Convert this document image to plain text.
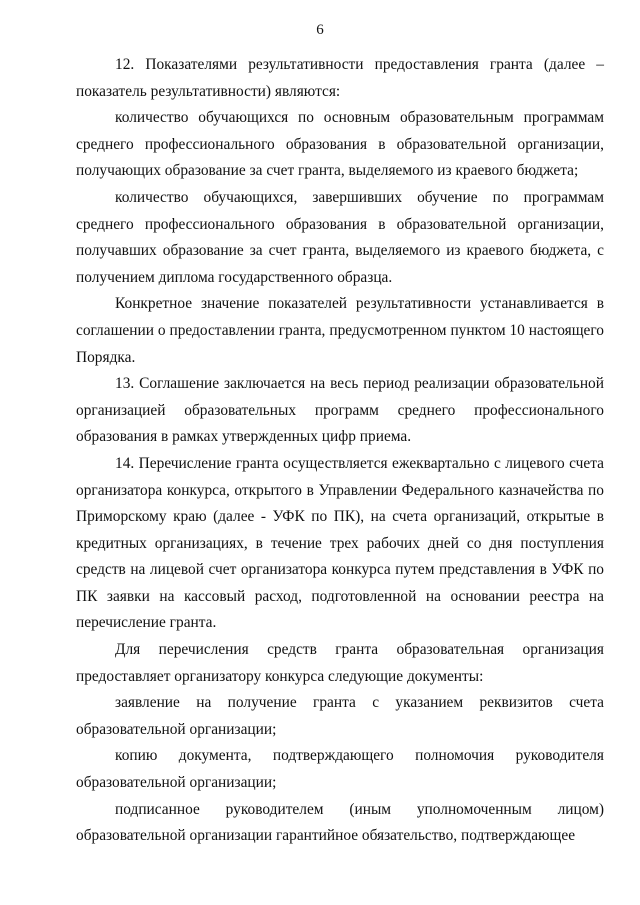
6

12. Показателями результативности предоставления гранта (далее – показатель результативности) являются:

количество обучающихся по основным образовательным программам среднего профессионального образования в образовательной организации, получающих образование за счет гранта, выделяемого из краевого бюджета;

количество обучающихся, завершивших обучение по программам среднего профессионального образования в образовательной организации, получавших образование за счет гранта, выделяемого из краевого бюджета, с получением диплома государственного образца.

Конкретное значение показателей результативности устанавливается в соглашении о предоставлении гранта, предусмотренном пунктом 10 настоящего Порядка.

13. Соглашение заключается на весь период реализации образовательной организацией образовательных программ среднего профессионального образования в рамках утвержденных цифр приема.

14. Перечисление гранта осуществляется ежеквартально с лицевого счета организатора конкурса, открытого в Управлении Федерального казначейства по Приморскому краю (далее - УФК по ПК), на счета организаций, открытые в кредитных организациях, в течение трех рабочих дней со дня поступления средств на лицевой счет организатора конкурса путем представления в УФК по ПК заявки на кассовый расход, подготовленной на основании реестра на перечисление гранта.

Для перечисления средств гранта образовательная организация предоставляет организатору конкурса следующие документы:

заявление на получение гранта с указанием реквизитов счета образовательной организации;

копию документа, подтверждающего полномочия руководителя образовательной организации;

подписанное руководителем (иным уполномоченным лицом) образовательной организации гарантийное обязательство, подтверждающее
